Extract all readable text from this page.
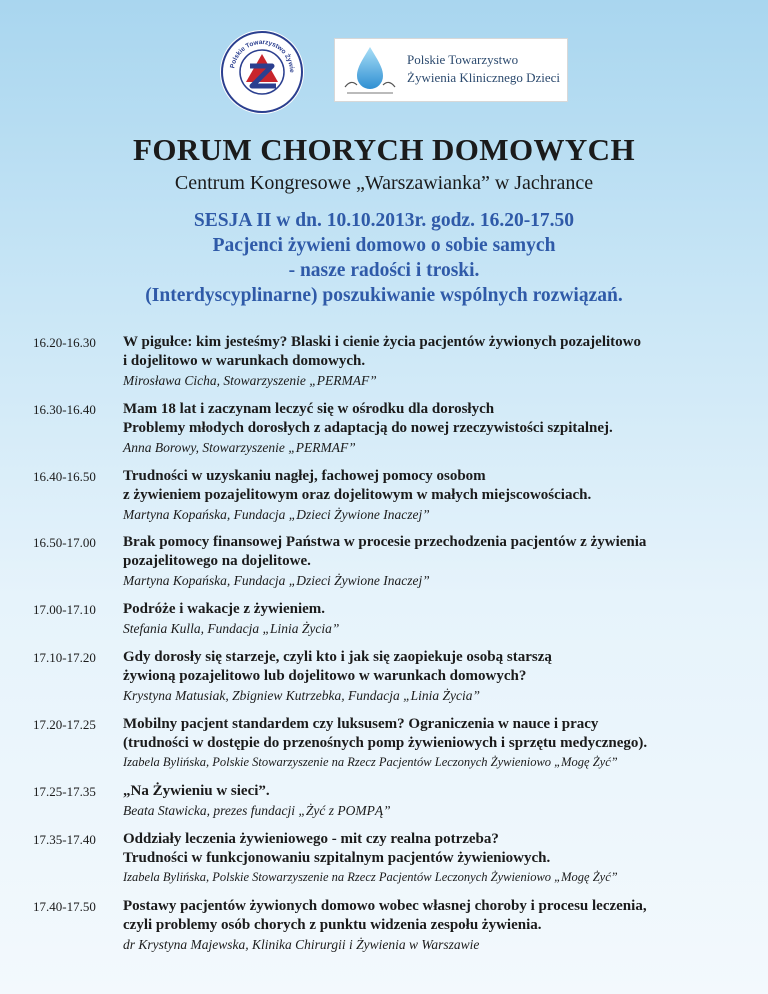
Polskie Towarzystwo Żywie
Polskie Towarzystwo
Żywienia Klinicznego Dzieci
FORUM CHORYCH DOMOWYCH
Centrum Kongresowe „Warszawianka” w Jachrance
SESJA II w dn. 10.10.2013r. godz. 16.20-17.50
Pacjenci żywieni domowo o sobie samych
- nasze radości i troski.
(Interdyscyplinarne) poszukiwanie wspólnych rozwiązań.
16.20-16.30	W pigułce: kim jesteśmy? Blaski i cienie życia pacjentów żywionych pozajelitowo
i dojelitowo w warunkach domowych.
Mirosława Cicha, Stowarzyszenie „PERMAF”
16.30-16.40	Mam 18 lat i zaczynam leczyć się w ośrodku dla dorosłych
Problemy młodych dorosłych z adaptacją do nowej rzeczywistości szpitalnej.
Anna Borowy, Stowarzyszenie „PERMAF”
16.40-16.50	Trudności w uzyskaniu nagłej, fachowej pomocy osobom
z żywieniem pozajelitowym oraz dojelitowym w małych miejscowościach.
Martyna Kopańska, Fundacja „Dzieci Żywione Inaczej”
16.50-17.00	Brak pomocy finansowej Państwa w procesie przechodzenia pacjentów z żywienia
pozajelitowego na dojelitowe.
Martyna Kopańska, Fundacja „Dzieci Żywione Inaczej”
17.00-17.10	Podróże i wakacje z żywieniem.
Stefania Kulla, Fundacja „Linia Życia”
17.10-17.20	Gdy dorosły się starzeje, czyli kto i jak się zaopiekuje osobą starszą
żywioną pozajelitowo lub dojelitowo w warunkach domowych?
Krystyna Matusiak, Zbigniew Kutrzebka, Fundacja „Linia Życia”
17.20-17.25	Mobilny pacjent standardem czy luksusem? Ograniczenia w nauce i pracy
(trudności w dostępie do przenośnych pomp żywieniowych i sprzętu medycznego).
Izabela Bylińska, Polskie Stowarzyszenie na Rzecz Pacjentów Leczonych Żywieniowo „Mogę Żyć”
17.25-17.35	„Na Żywieniu w sieci”.
Beata Stawicka, prezes fundacji „Żyć z POMPĄ”
17.35-17.40	Oddziały leczenia żywieniowego - mit czy realna potrzeba?
Trudności w funkcjonowaniu szpitalnym pacjentów żywieniowych.
Izabela Bylińska, Polskie Stowarzyszenie na Rzecz Pacjentów Leczonych Żywieniowo „Mogę Żyć”
17.40-17.50	Postawy pacjentów żywionych domowo wobec własnej choroby i procesu leczenia,
czyli problemy osób chorych z punktu widzenia zespołu żywienia.
dr Krystyna Majewska, Klinika Chirurgii i Żywienia w Warszawie
